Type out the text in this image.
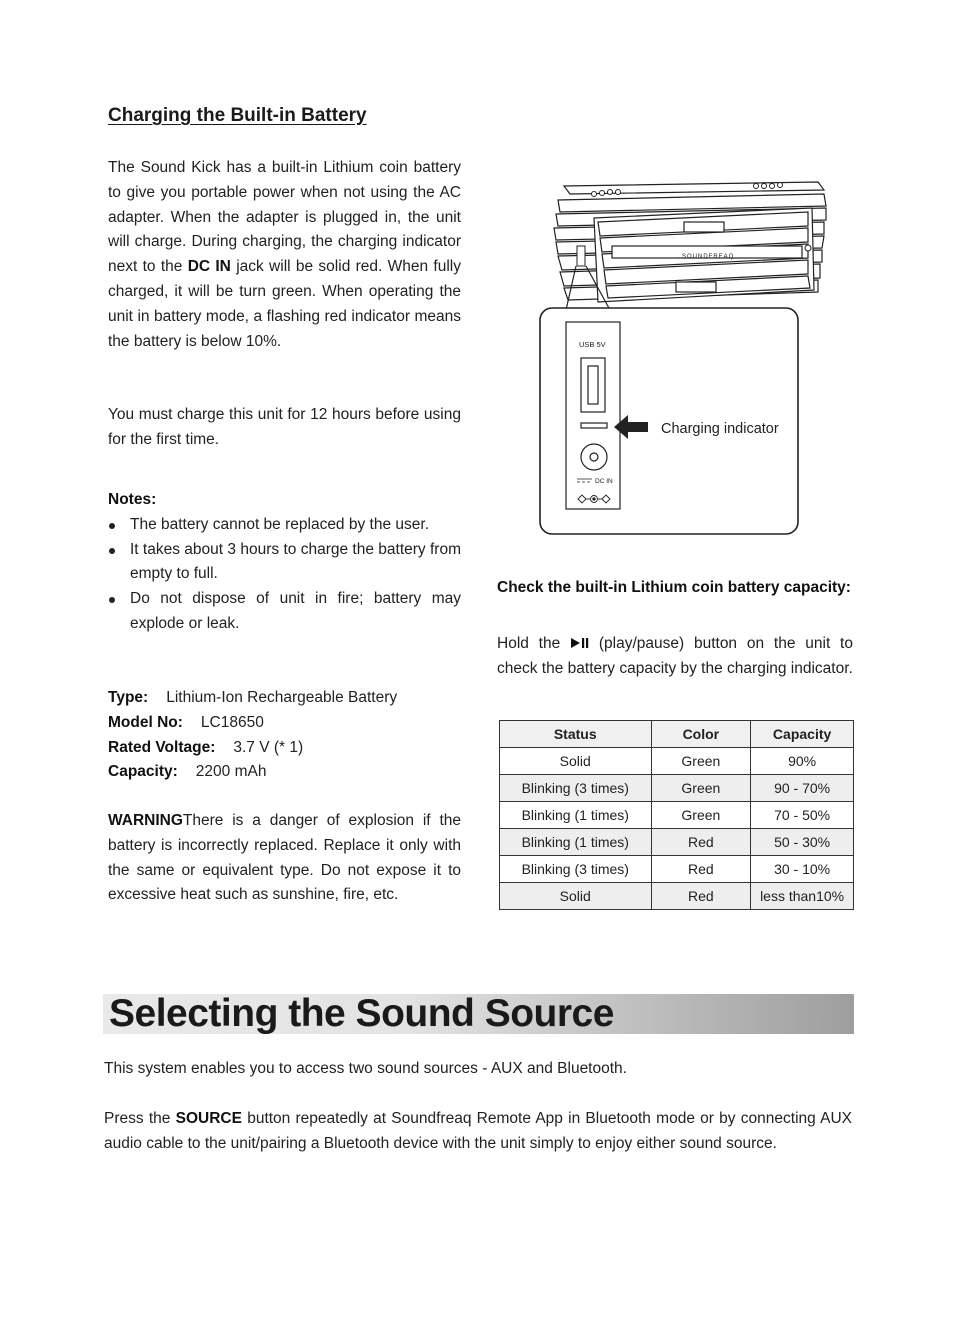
Charging the Built-in Battery

The Sound Kick has a built-in Lithium coin battery to give you portable power when not using the AC adapter. When the adapter is plugged in, the unit will charge. During charging, the charging indicator next to the DC IN jack will be solid red. When fully charged, it will be turn green. When operating the unit in battery mode, a flashing red indicator means the battery is below 10%.

You must charge this unit for 12 hours before using for the first time.

Notes:
The battery cannot be replaced by the user.
It takes about 3 hours to charge the battery from empty to full.
Do not dispose of unit in fire; battery may explode or leak.
Type: Lithium-Ion Rechargeable Battery
Model No: LC18650
Rated Voltage: 3.7 V (* 1)
Capacity: 2200 mAh

WARNINGThere is a danger of explosion if the battery is incorrectly replaced. Replace it only with the same or equivalent type. Do not expose it to excessive heat such as sunshine, fire, etc.

SOUNDFREAQ
USB 5V
DC IN
Charging indicator

Check the built-in Lithium coin battery capacity:

Hold the (play/pause) button on the unit to check the battery capacity by the charging indicator.

Status	Color	Capacity
Solid	Green	90%
Blinking (3 times)	Green	90 - 70%
Blinking (1 times)	Green	70 - 50%
Blinking (1 times)	Red	50 - 30%
Blinking (3 times)	Red	30 - 10%
Solid	Red	less than10%
Selecting the Sound Source

This system enables you to access two sound sources - AUX and Bluetooth.

Press the SOURCE button repeatedly at Soundfreaq Remote App in Bluetooth mode or by connecting AUX audio cable to the unit/pairing a Bluetooth device with the unit simply to enjoy either sound source.
